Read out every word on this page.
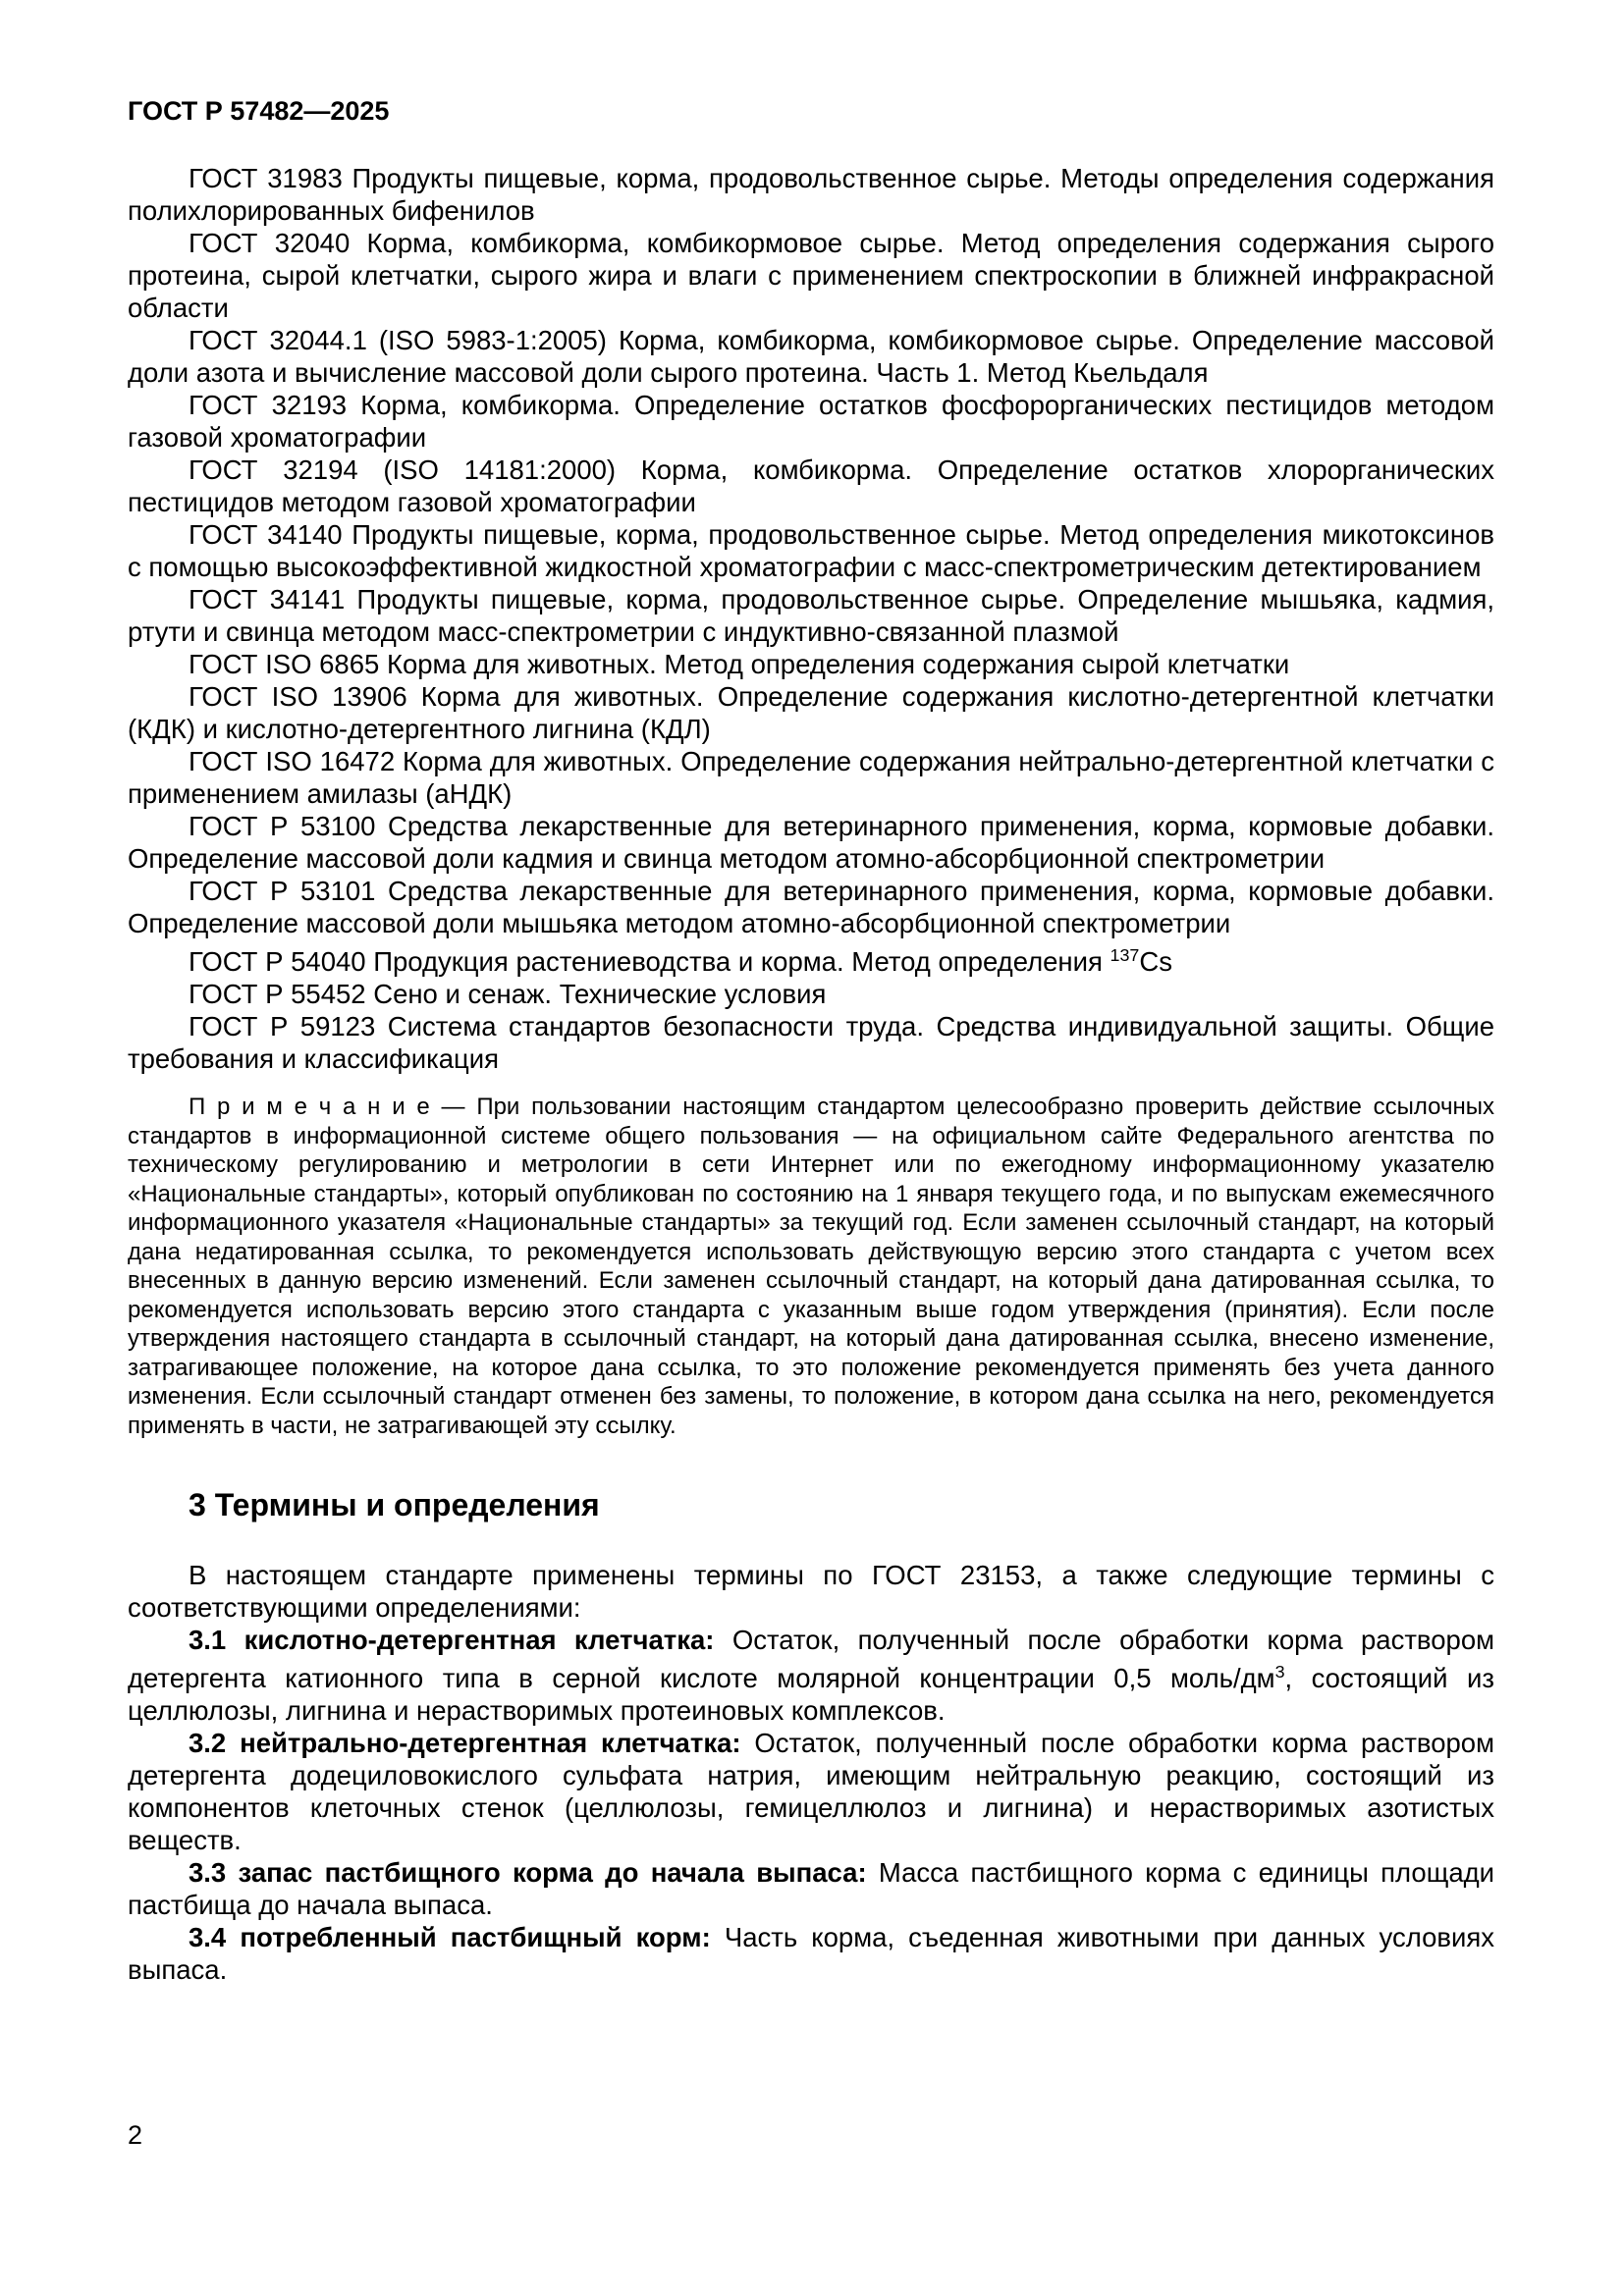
ГОСТ Р 57482—2025

ГОСТ 31983 Продукты пищевые, корма, продовольственное сырье. Методы определения содержания полихлорированных бифенилов

ГОСТ 32040 Корма, комбикорма, комбикормовое сырье. Метод определения содержания сырого протеина, сырой клетчатки, сырого жира и влаги с применением спектроскопии в ближней инфракрасной области

ГОСТ 32044.1 (ISO 5983-1:2005) Корма, комбикорма, комбикормовое сырье. Определение массовой доли азота и вычисление массовой доли сырого протеина. Часть 1. Метод Кьельдаля

ГОСТ 32193 Корма, комбикорма. Определение остатков фосфорорганических пестицидов методом газовой хроматографии

ГОСТ 32194 (ISO 14181:2000) Корма, комбикорма. Определение остатков хлорорганических пестицидов методом газовой хроматографии

ГОСТ 34140 Продукты пищевые, корма, продовольственное сырье. Метод определения микотоксинов с помощью высокоэффективной жидкостной хроматографии с масс-спектрометрическим детектированием

ГОСТ 34141 Продукты пищевые, корма, продовольственное сырье. Определение мышьяка, кадмия, ртути и свинца методом масс-спектрометрии с индуктивно-связанной плазмой

ГОСТ ISO 6865 Корма для животных. Метод определения содержания сырой клетчатки

ГОСТ ISO 13906 Корма для животных. Определение содержания кислотно-детергентной клетчатки (КДК) и кислотно-детергентного лигнина (КДЛ)

ГОСТ ISO 16472 Корма для животных. Определение содержания нейтрально-детергентной клетчатки с применением амилазы (аНДК)

ГОСТ Р 53100 Средства лекарственные для ветеринарного применения, корма, кормовые добавки. Определение массовой доли кадмия и свинца методом атомно-абсорбционной спектрометрии

ГОСТ Р 53101 Средства лекарственные для ветеринарного применения, корма, кормовые добавки. Определение массовой доли мышьяка методом атомно-абсорбционной спектрометрии

ГОСТ Р 54040 Продукция растениеводства и корма. Метод определения $^{137}$Cs

ГОСТ Р 55452 Сено и сенаж. Технические условия

ГОСТ Р 59123 Система стандартов безопасности труда. Средства индивидуальной защиты. Общие требования и классификация

П р и м е ч а н и е — При пользовании настоящим стандартом целесообразно проверить действие ссылочных стандартов в информационной системе общего пользования — на официальном сайте Федерального агентства по техническому регулированию и метрологии в сети Интернет или по ежегодному информационному указателю «Национальные стандарты», который опубликован по состоянию на 1 января текущего года, и по выпускам ежемесячного информационного указателя «Национальные стандарты» за текущий год. Если заменен ссылочный стандарт, на который дана недатированная ссылка, то рекомендуется использовать действующую версию этого стандарта с учетом всех внесенных в данную версию изменений. Если заменен ссылочный стандарт, на который дана датированная ссылка, то рекомендуется использовать версию этого стандарта с указанным выше годом утверждения (принятия). Если после утверждения настоящего стандарта в ссылочный стандарт, на который дана датированная ссылка, внесено изменение, затрагивающее положение, на которое дана ссылка, то это положение рекомендуется применять без учета данного изменения. Если ссылочный стандарт отменен без замены, то положение, в котором дана ссылка на него, рекомендуется применять в части, не затрагивающей эту ссылку.

3 Термины и определения

В настоящем стандарте применены термины по ГОСТ 23153, а также следующие термины с соответствующими определениями:

3.1 кислотно-детергентная клетчатка: Остаток, полученный после обработки корма раствором детергента катионного типа в серной кислоте молярной концентрации 0,5 моль/$дм^3$, состоящий из целлюлозы, лигнина и нерастворимых протеиновых комплексов.

3.2 нейтрально-детергентная клетчатка: Остаток, полученный после обработки корма раствором детергента додециловокислого сульфата натрия, имеющим нейтральную реакцию, состоящий из компонентов клеточных стенок (целлюлозы, гемицеллюлоз и лигнина) и нерастворимых азотистых веществ.

3.3 запас пастбищного корма до начала выпаса: Масса пастбищного корма с единицы площади пастбища до начала выпаса.

3.4 потребленный пастбищный корм: Часть корма, съеденная животными при данных условиях выпаса.

2
